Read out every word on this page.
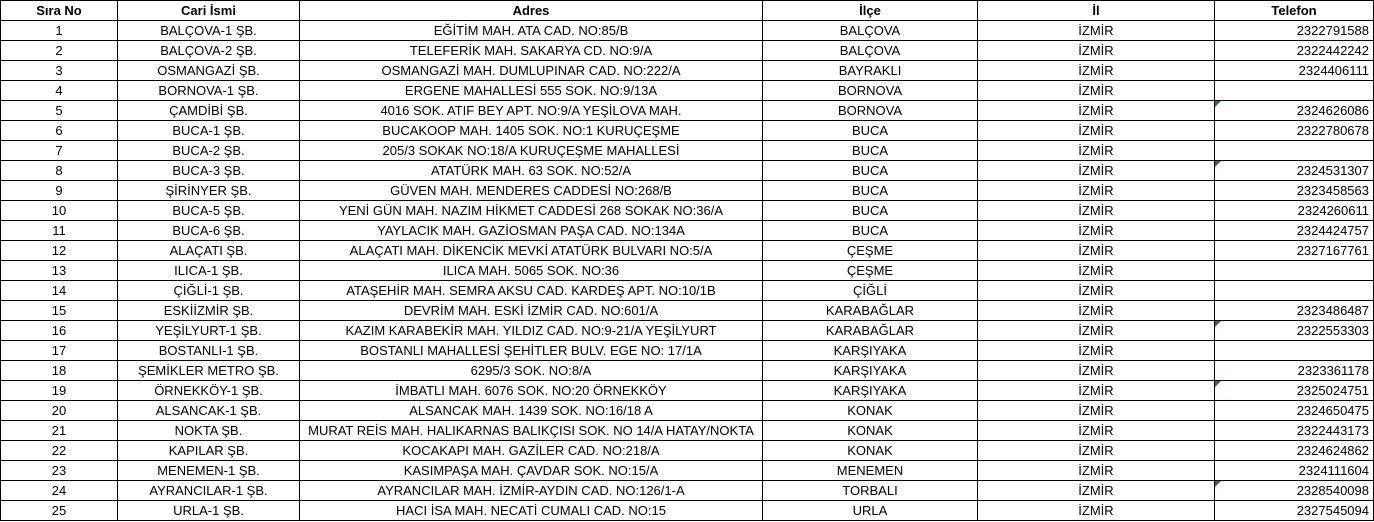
Sıra No	Cari İsmi	Adres	İlçe	İl	Telefon
1	BALÇOVA-1 ŞB.	EĞİTİM MAH. ATA CAD. NO:85/B	BALÇOVA	İZMİR	2322791588
2	BALÇOVA-2 ŞB.	TELEFERİK MAH. SAKARYA CD. NO:9/A	BALÇOVA	İZMİR	2322442242
3	OSMANGAZİ ŞB.	OSMANGAZİ MAH. DUMLUPINAR CAD. NO:222/A	BAYRAKLI	İZMİR	2324406111
4	BORNOVA-1 ŞB.	ERGENE MAHALLESİ 555 SOK. NO:9/13A	BORNOVA	İZMİR	
5	ÇAMDİBİ ŞB.	4016 SOK. ATIF BEY APT. NO:9/A YEŞİLOVA MAH.	BORNOVA	İZMİR	2324626086
6	BUCA-1 ŞB.	BUCAKOOP MAH. 1405 SOK. NO:1 KURUÇEŞME	BUCA	İZMİR	2322780678
7	BUCA-2 ŞB.	205/3 SOKAK NO:18/A KURUÇEŞME MAHALLESİ	BUCA	İZMİR	
8	BUCA-3 ŞB.	ATATÜRK MAH. 63 SOK. NO:52/A	BUCA	İZMİR	2324531307
9	ŞİRİNYER ŞB.	GÜVEN MAH. MENDERES CADDESİ NO:268/B	BUCA	İZMİR	2323458563
10	BUCA-5 ŞB.	YENİ GÜN MAH. NAZIM HİKMET CADDESİ 268 SOKAK NO:36/A	BUCA	İZMİR	2324260611
11	BUCA-6 ŞB.	YAYLACIK MAH. GAZİOSMAN PAŞA CAD. NO:134A	BUCA	İZMİR	2324424757
12	ALAÇATI ŞB.	ALAÇATI MAH. DİKENCİK MEVKİ ATATÜRK BULVARI NO:5/A	ÇEŞME	İZMİR	2327167761
13	ILICA-1 ŞB.	ILICA MAH. 5065 SOK. NO:36	ÇEŞME	İZMİR	
14	ÇİĞLİ-1 ŞB.	ATAŞEHİR MAH. SEMRA AKSU CAD. KARDEŞ APT. NO:10/1B	ÇİĞLİ	İZMİR	
15	ESKİİZMİR ŞB.	DEVRİM MAH. ESKİ İZMİR CAD. NO:601/A	KARABAĞLAR	İZMİR	2323486487
16	YEŞİLYURT-1 ŞB.	KAZIM KARABEKİR MAH. YILDIZ CAD. NO:9-21/A YEŞİLYURT	KARABAĞLAR	İZMİR	2322553303
17	BOSTANLI-1 ŞB.	BOSTANLI MAHALLESİ ŞEHİTLER BULV. EGE NO: 17/1A	KARŞIYAKA	İZMİR	
18	ŞEMİKLER METRO ŞB.	6295/3 SOK. NO:8/A	KARŞIYAKA	İZMİR	2323361178
19	ÖRNEKKÖY-1 ŞB.	İMBATLI MAH. 6076 SOK. NO:20 ÖRNEKKÖY	KARŞIYAKA	İZMİR	2325024751
20	ALSANCAK-1 ŞB.	ALSANCAK MAH. 1439 SOK. NO:16/18 A	KONAK	İZMİR	2324650475
21	NOKTA ŞB.	MURAT REİS MAH. HALIKARNAS BALIKÇISI SOK. NO 14/A HATAY/NOKTA	KONAK	İZMİR	2322443173
22	KAPILAR ŞB.	KOCAKAPI MAH. GAZİLER CAD. NO:218/A	KONAK	İZMİR	2324624862
23	MENEMEN-1 ŞB.	KASIMPAŞA MAH. ÇAVDAR SOK. NO:15/A	MENEMEN	İZMİR	2324111604
24	AYRANCILAR-1 ŞB.	AYRANCILAR MAH. İZMİR-AYDIN CAD. NO:126/1-A	TORBALI	İZMİR	2328540098
25	URLA-1 ŞB.	HACI İSA MAH. NECATİ CUMALI CAD. NO:15	URLA	İZMİR	2327545094
